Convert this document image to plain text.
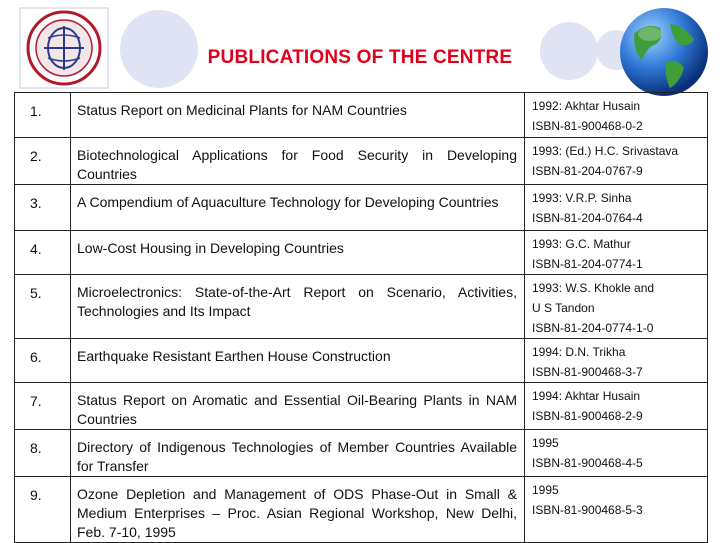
PUBLICATIONS OF THE CENTRE
1.	Status Report on Medicinal Plants for NAM Countries	1992: Akhtar Husain
ISBN-81-900468-0-2

2.	Biotechnological Applications for Food Security in Developing Countries	1993: (Ed.) H.C. Srivastava
ISBN-81-204-0767-9

3.	A Compendium of Aquaculture Technology for Developing Countries	1993: V.R.P. Sinha
ISBN-81-204-0764-4

4.	Low-Cost Housing in Developing Countries	1993: G.C. Mathur
ISBN-81-204-0774-1

5.	Microelectronics: State-of-the-Art Report on Scenario, Activities, Technologies and Its Impact	1993: W.S. Khokle and
U S Tandon
ISBN-81-204-0774-1-0

6.	Earthquake Resistant Earthen House Construction	1994: D.N. Trikha
ISBN-81-900468-3-7

7.	Status Report on Aromatic and Essential Oil-Bearing Plants in NAM Countries	1994: Akhtar Husain
ISBN-81-900468-2-9

8.	Directory of Indigenous Technologies of Member Countries Available for Transfer	1995
ISBN-81-900468-4-5

9.	Ozone Depletion and Management of ODS Phase-Out in Small & Medium Enterprises – Proc. Asian Regional Workshop, New Delhi, Feb. 7-10, 1995	1995
ISBN-81-900468-5-3
